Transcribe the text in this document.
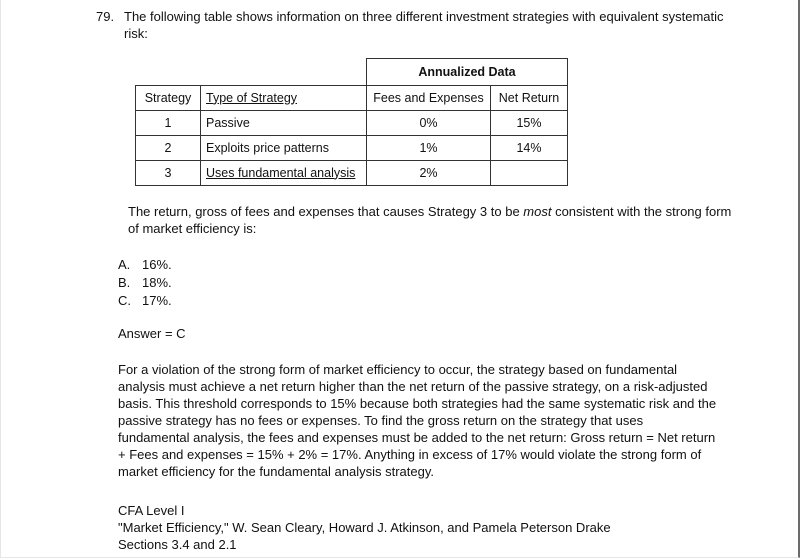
79. The following table shows information on three different investment strategies with equivalent systematic risk:
		Annualized Data	
Strategy	Type of Strategy	Fees and Expenses	Net Return
1	Passive	0%	15%
2	Exploits price patterns	1%	14%
3	Uses fundamental analysis	2%	
The return, gross of fees and expenses that causes Strategy 3 to be most consistent with the strong form of market efficiency is:
A. 16%.
B. 18%.
C. 17%.
Answer = C
For a violation of the strong form of market efficiency to occur, the strategy based on fundamental analysis must achieve a net return higher than the net return of the passive strategy, on a risk-adjusted basis. This threshold corresponds to 15% because both strategies had the same systematic risk and the passive strategy has no fees or expenses. To find the gross return on the strategy that uses fundamental analysis, the fees and expenses must be added to the net return: Gross return = Net return + Fees and expenses = 15% + 2% = 17%. Anything in excess of 17% would violate the strong form of market efficiency for the fundamental analysis strategy.
CFA Level I
"Market Efficiency," W. Sean Cleary, Howard J. Atkinson, and Pamela Peterson Drake
Sections 3.4 and 2.1
